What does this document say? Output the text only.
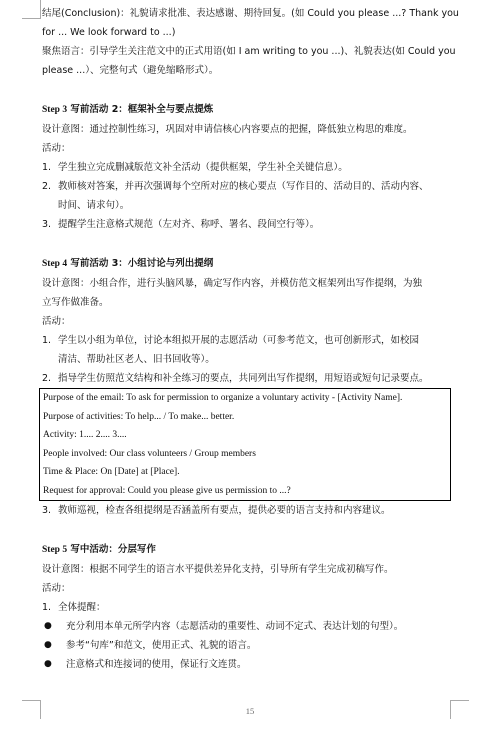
结尾(Conclusion)：礼貌请求批准、表达感谢、期待回复。(如 Could you please ...? Thank you

for ... We look forward to ...)

聚焦语言：引导学生关注范文中的正式用语(如 I am writing to you ...)、礼貌表达(如 Could you

please ...）、完整句式（避免缩略形式）。

Step 3 写前活动 2：框架补全与要点提炼

设计意图：通过控制性练习，巩固对申请信核心内容要点的把握，降低独立构思的难度。

活动：

1. 学生独立完成删减版范文补全活动（提供框架，学生补全关键信息）。
2. 教师核对答案，并再次强调每个空所对应的核心要点（写作目的、活动目的、活动内容、
时间、请求句）。
3. 提醒学生注意格式规范（左对齐、称呼、署名、段间空行等）。

Step 4 写前活动 3：小组讨论与列出提纲

设计意图：小组合作，进行头脑风暴，确定写作内容，并模仿范文框架列出写作提纲，为独

立写作做准备。

活动：

1. 学生以小组为单位，讨论本组拟开展的志愿活动（可参考范文，也可创新形式，如校园
清洁、帮助社区老人、旧书回收等）。
2. 指导学生仿照范文结构和补全练习的要点，共同列出写作提纲，用短语或短句记录要点。
Purpose of the email: To ask for permission to organize a voluntary activity - [Activity Name].
Purpose of activities: To help... / To make... better.
Activity: 1.... 2.... 3....
People involved: Our class volunteers / Group members
Time & Place: On [Date] at [Place].
Request for approval: Could you please give us permission to ...?
3. 教师巡视，检查各组提纲是否涵盖所有要点，提供必要的语言支持和内容建议。

Step 5 写中活动：分层写作

设计意图：根据不同学生的语言水平提供差异化支持，引导所有学生完成初稿写作。

活动：

1. 全体提醒：
● 充分利用本单元所学内容（志愿活动的重要性、动词不定式、表达计划的句型）。
● 参考“句库”和范文，使用正式、礼貌的语言。
● 注意格式和连接词的使用，保证行文连贯。
15
